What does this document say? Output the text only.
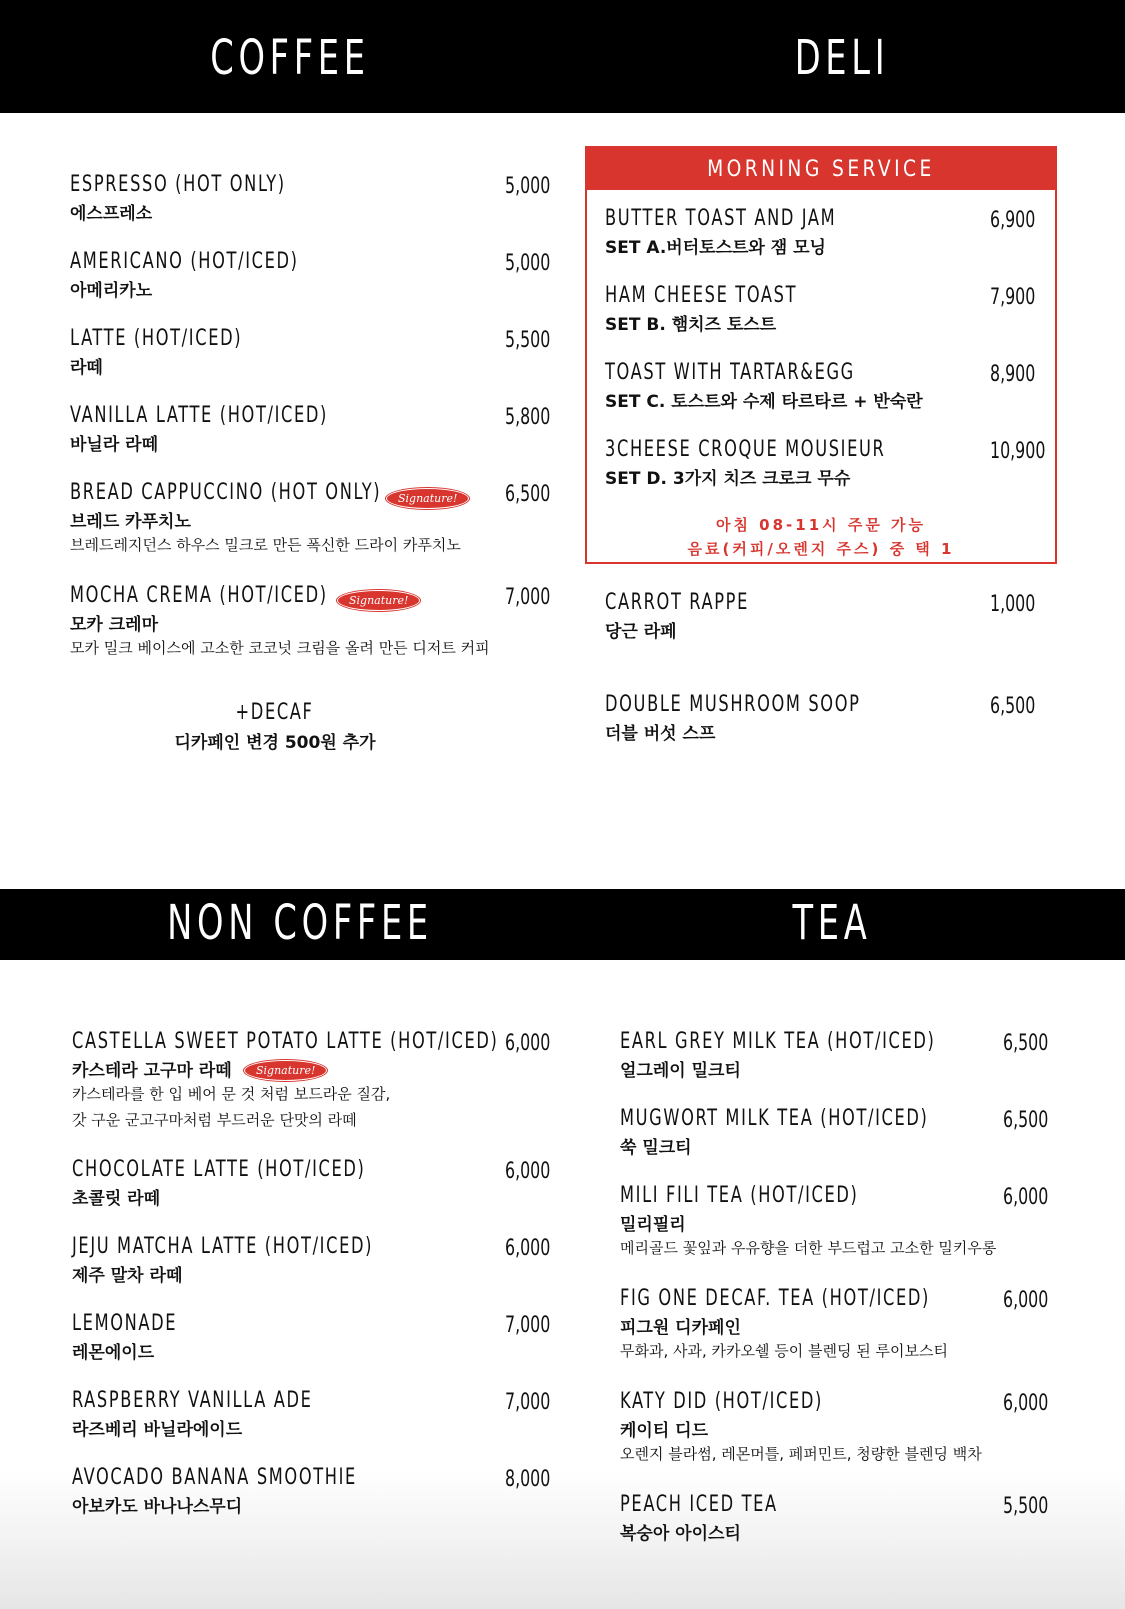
COFFEE	DELI
ESPRESSO (HOT ONLY)
에스프레소
5,000
AMERICANO (HOT/ICED)
아메리카노
5,000
LATTE (HOT/ICED)
라떼
5,500
VANILLA LATTE (HOT/ICED)
바닐라 라떼
5,800
BREAD CAPPUCCINO (HOT ONLY)
브레드 카푸치노
브레드레지던스 하우스 밀크로 만든 폭신한 드라이 카푸치노
Signature!	6,500
MOCHA CREMA (HOT/ICED)
모카 크레마
모카 밀크 베이스에 고소한 코코넛 크림을 올려 만든 디저트 커피
Signature!	7,000
+DECAF
디카페인 변경 500원 추가
MORNING SERVICE
BUTTER TOAST AND JAM
SET A.버터토스트와 잼 모닝
6,900
HAM CHEESE TOAST
SET B. 햄치즈 토스트
7,900
TOAST WITH TARTAR&EGG
SET C. 토스트와 수제 타르타르 + 반숙란
8,900
3CHEESE CROQUE MOUSIEUR
SET D. 3가지 치즈 크로크 무슈
10,900
아침 08-11시 주문 가능
음료(커피/오렌지 주스) 중 택 1
CARROT RAPPE
당근 라페
1,000
DOUBLE MUSHROOM SOOP
더블 버섯 스프
6,500
NON COFFEE	TEA
CASTELLA SWEET POTATO LATTE (HOT/ICED)
카스테라 고구마 라떼
카스테라를 한 입 베어 문 것 처럼 보드라운 질감,
갓 구운 군고구마처럼 부드러운 단맛의 라떼
Signature!
6,000
CHOCOLATE LATTE (HOT/ICED)
초콜릿 라떼
6,000
JEJU MATCHA LATTE (HOT/ICED)
제주 말차 라떼
6,000
LEMONADE
레몬에이드
7,000
RASPBERRY VANILLA ADE
라즈베리 바닐라에이드
7,000
AVOCADO BANANA SMOOTHIE
아보카도 바나나스무디
8,000
EARL GREY MILK TEA (HOT/ICED)
얼그레이 밀크티
6,500
MUGWORT MILK TEA (HOT/ICED)
쑥 밀크티
6,500
MILI FILI TEA (HOT/ICED)
밀리필리
메리골드 꽃잎과 우유향을 더한 부드럽고 고소한 밀키우롱
6,000
FIG ONE DECAF. TEA (HOT/ICED)
피그원 디카페인
무화과, 사과, 카카오쉘 등이 블렌딩 된 루이보스티
6,000
KATY DID (HOT/ICED)
케이티 디드
오렌지 블라썸, 레몬머틀, 페퍼민트, 청량한 블렌딩 백차
6,000
PEACH ICED TEA
복숭아 아이스티
5,500
